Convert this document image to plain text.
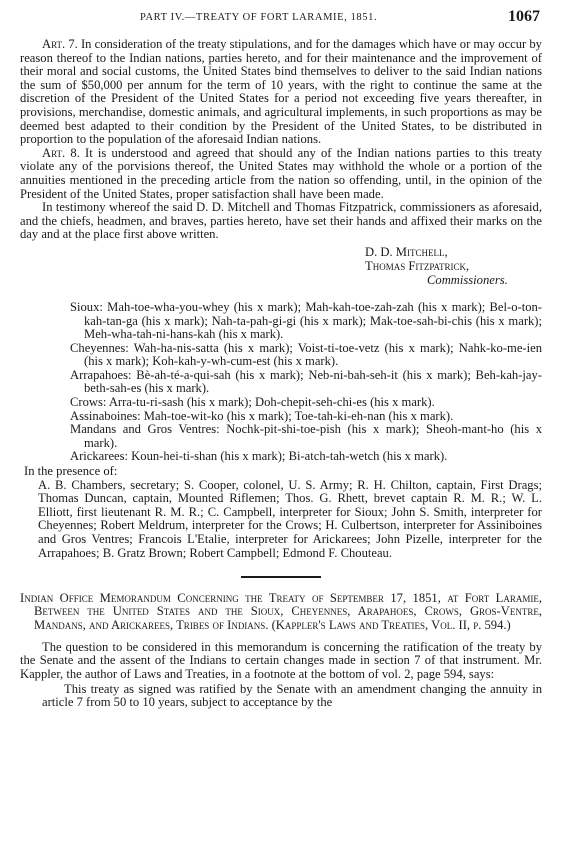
PART IV.—TREATY OF FORT LARAMIE, 1851.	1067

Art. 7. In consideration of the treaty stipulations, and for the damages which have or may occur by reason thereof to the Indian nations, parties hereto, and for their maintenance and the improvement of their moral and social customs, the United States bind themselves to deliver to the said Indian nations the sum of $50,000 per annum for the term of 10 years, with the right to continue the same at the discretion of the President of the United States for a period not exceeding five years thereafter, in provisions, merchandise, domestic animals, and agricultural implements, in such proportions as may be deemed best adapted to their condition by the President of the United States, to be distributed in proportion to the population of the aforesaid Indian nations.

Art. 8. It is understood and agreed that should any of the Indian nations parties to this treaty violate any of the porvisions thereof, the United States may withhold the whole or a portion of the annuities mentioned in the preceding article from the nation so offending, until, in the opinion of the President of the United States, proper satisfaction shall have been made.

In testimony whereof the said D. D. Mitchell and Thomas Fitzpatrick, commissioners as aforesaid, and the chiefs, headmen, and braves, parties hereto, have set their hands and affixed their marks on the day and at the place first above written.

D. D. Mitchell,
Thomas Fitzpatrick,
Commissioners.

Sioux: Mah-toe-wha-you-whey (his x mark); Mah-kah-toe-zah-zah (his x mark); Bel-o-ton-kah-tan-ga (his x mark); Nah-ta-pah-gi-gi (his x mark); Mak-toe-sah-bi-chis (his x mark); Meh-wha-tah-ni-hans-kah (his x mark).

Cheyennes: Wah-ha-nis-satta (his x mark); Voist-ti-toe-vetz (his x mark); Nahk-ko-me-ien (his x mark); Koh-kah-y-wh-cum-est (his x mark).

Arrapahoes: Bè-ah-té-a-qui-sah (his x mark); Neb-ni-bah-seh-it (his x mark); Beh-kah-jay-beth-sah-es (his x mark).

Crows: Arra-tu-ri-sash (his x mark); Doh-chepit-seh-chi-es (his x mark).

Assinaboines: Mah-toe-wit-ko (his x mark); Toe-tah-ki-eh-nan (his x mark).

Mandans and Gros Ventres: Nochk-pit-shi-toe-pish (his x mark); Sheoh-mant-ho (his x mark).

Arickarees: Koun-hei-ti-shan (his x mark); Bi-atch-tah-wetch (his x mark).

In the presence of:

A. B. Chambers, secretary; S. Cooper, colonel, U. S. Army; R. H. Chilton, captain, First Drags; Thomas Duncan, captain, Mounted Riflemen; Thos. G. Rhett, brevet captain R. M. R.; W. L. Elliott, first lieutenant R. M. R.; C. Campbell, interpreter for Sioux; John S. Smith, interpreter for Cheyennes; Robert Meldrum, interpreter for the Crows; H. Culbertson, interpreter for Assiniboines and Gros Ventres; Francois L'Etalie, interpreter for Arickarees; John Pizelle, interpreter for the Arrapahoes; B. Gratz Brown; Robert Campbell; Edmond F. Chouteau.

Indian Office Memorandum Concerning the Treaty of September 17, 1851, at Fort Laramie, Between the United States and the Sioux, Cheyennes, Arapahoes, Crows, Gros-Ventre, Mandans, and Arickarees, Tribes of Indians. (Kappler's Laws and Treaties, Vol. II, p. 594.)

The question to be considered in this memorandum is concerning the ratification of the treaty by the Senate and the assent of the Indians to certain changes made in section 7 of that instrument. Mr. Kappler, the author of Laws and Treaties, in a footnote at the bottom of vol. 2, page 594, says:

This treaty as signed was ratified by the Senate with an amendment changing the annuity in article 7 from 50 to 10 years, subject to acceptance by the
